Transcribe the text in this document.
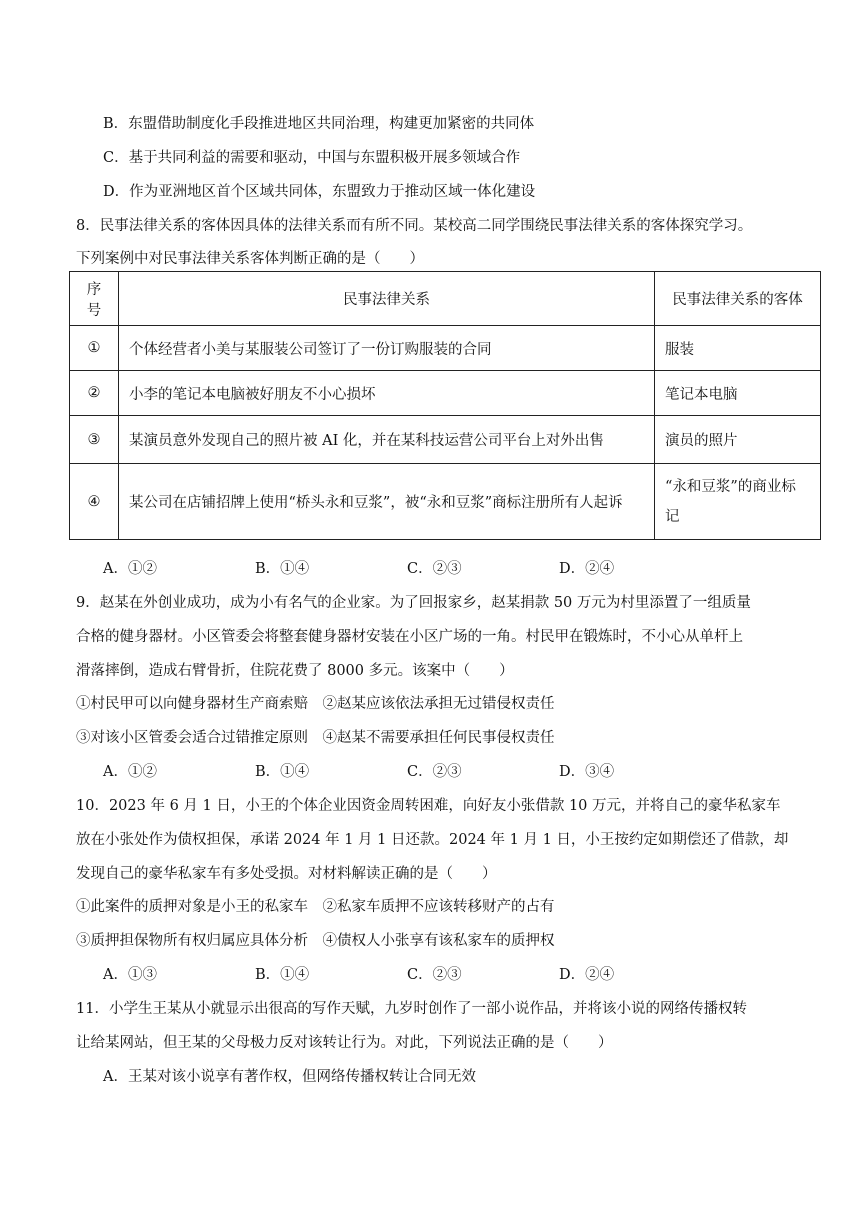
B．东盟借助制度化手段推进地区共同治理，构建更加紧密的共同体
C．基于共同利益的需要和驱动，中国与东盟积极开展多领域合作
D．作为亚洲地区首个区域共同体，东盟致力于推动区域一体化建设
8．民事法律关系的客体因具体的法律关系而有所不同。某校高二同学围绕民事法律关系的客体探究学习。
下列案例中对民事法律关系客体判断正确的是（　　）
序号	民事法律关系	民事法律关系的客体
①	个体经营者小美与某服装公司签订了一份订购服装的合同	服装
②	小李的笔记本电脑被好朋友不小心损坏	笔记本电脑
③	某演员意外发现自己的照片被 AI 化，并在某科技运营公司平台上对外出售	演员的照片
④	某公司在店铺招牌上使用“桥头永和豆浆”，被“永和豆浆”商标注册所有人起诉	“永和豆浆”的商业标
记
A．①②	B．①④	C．②③	D．②④
9．赵某在外创业成功，成为小有名气的企业家。为了回报家乡，赵某捐款 50 万元为村里添置了一组质量
合格的健身器材。小区管委会将整套健身器材安装在小区广场的一角。村民甲在锻炼时，不小心从单杆上
滑落摔倒，造成右臂骨折，住院花费了 8000 多元。该案中（　　）
①村民甲可以向健身器材生产商索赔　②赵某应该依法承担无过错侵权责任
③对该小区管委会适合过错推定原则　④赵某不需要承担任何民事侵权责任
A．①②	B．①④	C．②③	D．③④
10．2023 年 6 月 1 日，小王的个体企业因资金周转困难，向好友小张借款 10 万元，并将自己的豪华私家车
放在小张处作为债权担保，承诺 2024 年 1 月 1 日还款。2024 年 1 月 1 日，小王按约定如期偿还了借款，却
发现自己的豪华私家车有多处受损。对材料解读正确的是（　　）
①此案件的质押对象是小王的私家车　②私家车质押不应该转移财产的占有
③质押担保物所有权归属应具体分析　④债权人小张享有该私家车的质押权
A．①③	B．①④	C．②③	D．②④
11．小学生王某从小就显示出很高的写作天赋，九岁时创作了一部小说作品，并将该小说的网络传播权转
让给某网站，但王某的父母极力反对该转让行为。对此，下列说法正确的是（　　）
A．王某对该小说享有著作权，但网络传播权转让合同无效
